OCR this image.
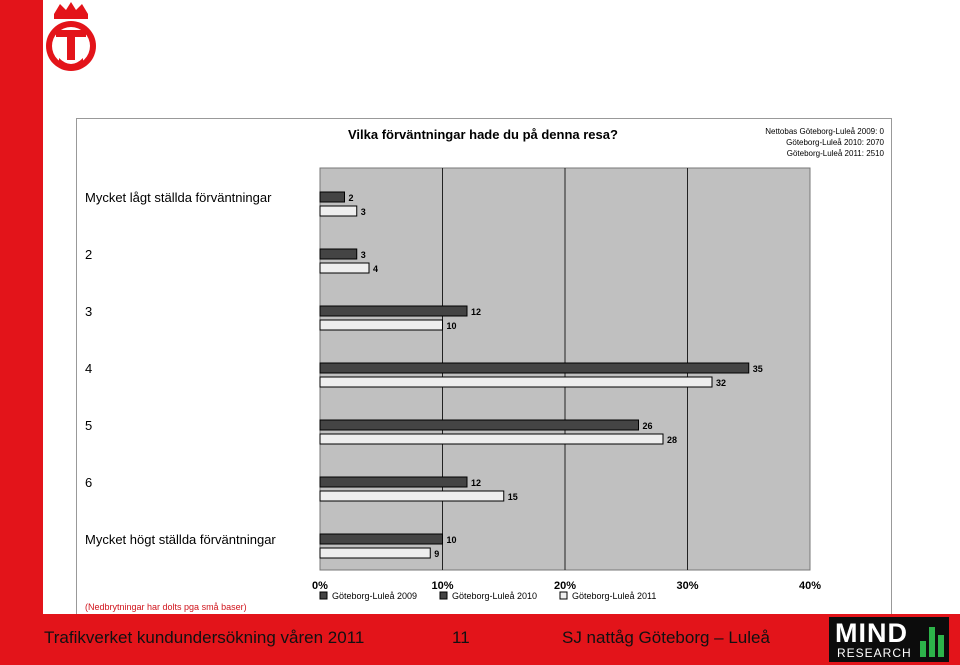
0%	10%	20%	30%	40%
2
3
3
4
12
10
35
32
26
28
12
15
10
9
Göteborg-Luleå 2009	Göteborg-Luleå 2010	Göteborg-Luleå 2011
Vilka förväntningar hade du på denna resa?	Nettobas Göteborg-Luleå 2009: 0
Göteborg-Luleå 2010: 2070
Göteborg-Luleå 2011: 2510
Mycket lågt ställda förväntningar
2
3
4
5
6
Mycket högt ställda förväntningar
(Nedbrytningar har dolts pga små baser)
Trafikverket kundundersökning våren 2011	11	SJ nattåg Göteborg – Luleå MIND
RESEARCH
